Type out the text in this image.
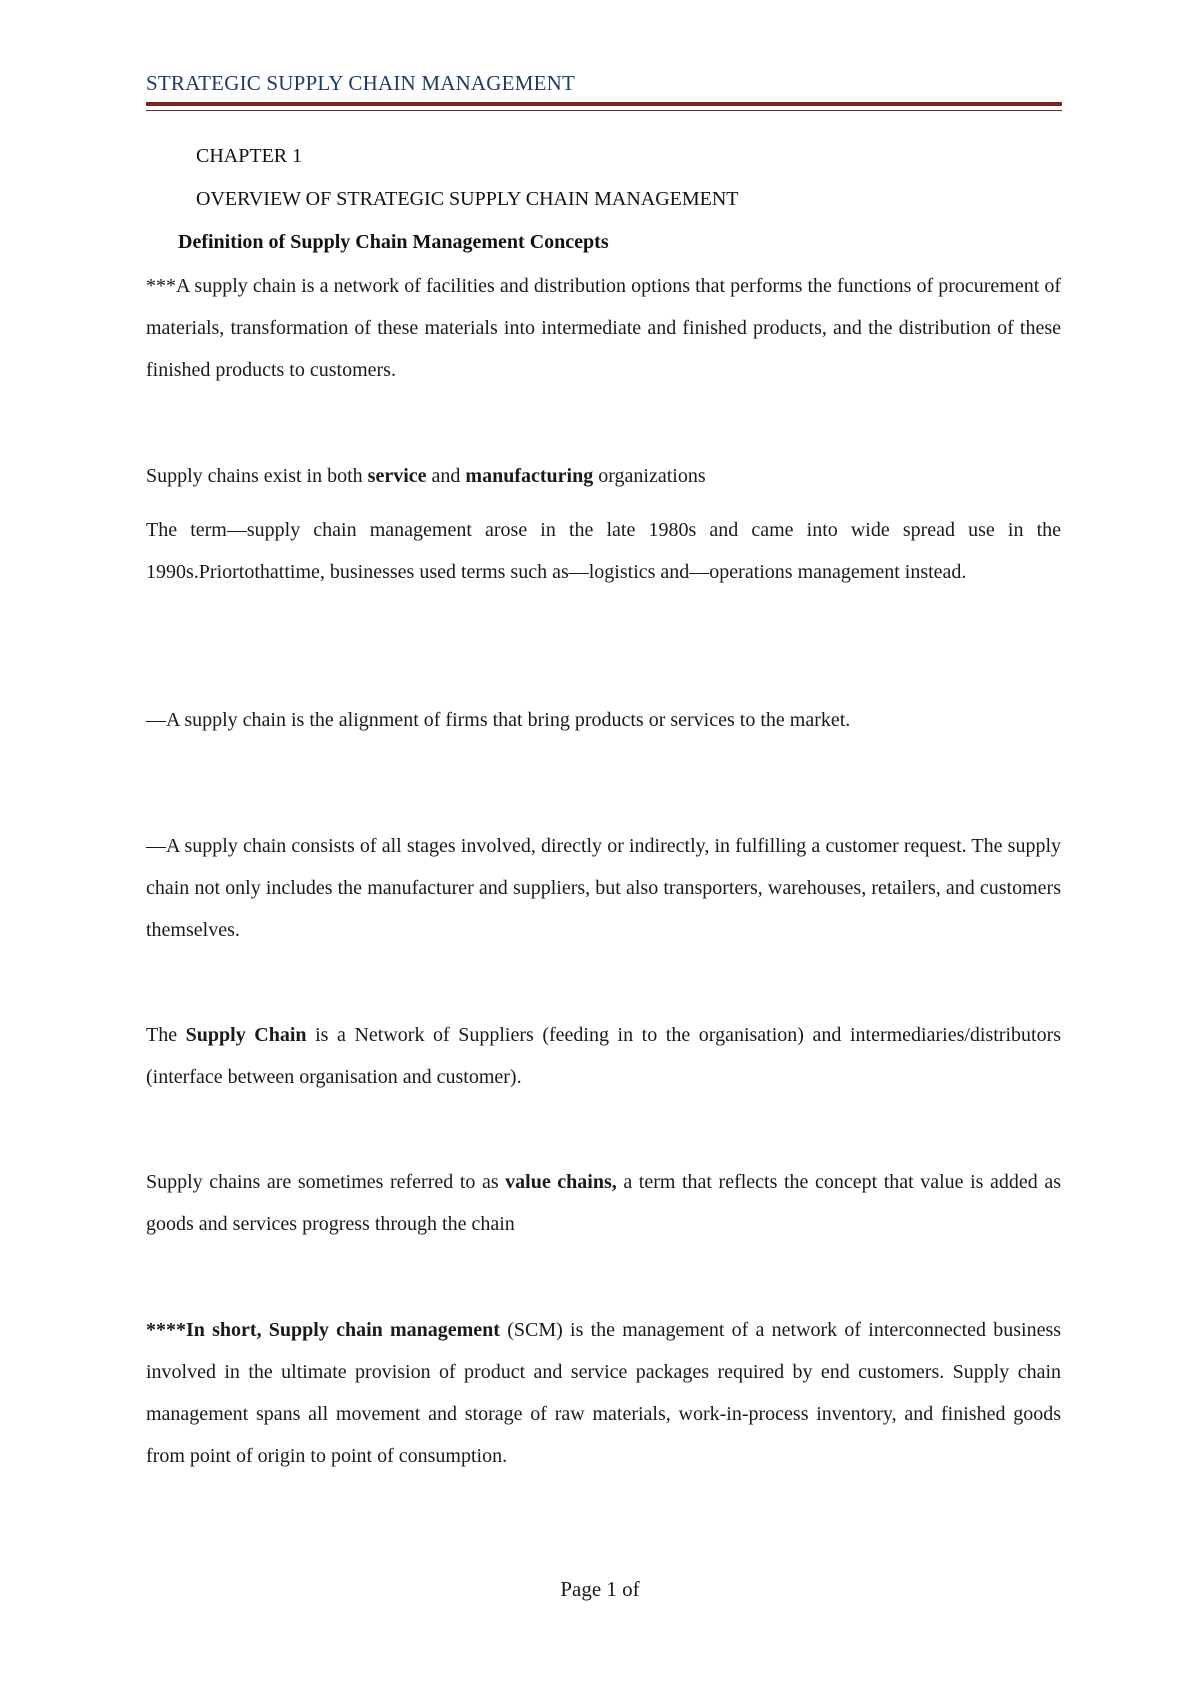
STRATEGIC SUPPLY CHAIN MANAGEMENT
CHAPTER 1
OVERVIEW OF STRATEGIC SUPPLY CHAIN MANAGEMENT
Definition of Supply Chain Management Concepts

***A supply chain is a network of facilities and distribution options that performs the functions of procurement of materials, transformation of these materials into intermediate and finished products, and the distribution of these finished products to customers.

Supply chains exist in both service and manufacturing organizations

The term—supply chain management arose in the late 1980s and came into wide spread use in the 1990s.Priortothattime, businesses used terms such as—logistics and—operations management instead.

—A supply chain is the alignment of firms that bring products or services to the market.

—A supply chain consists of all stages involved, directly or indirectly, in fulfilling a customer request. The supply chain not only includes the manufacturer and suppliers, but also transporters, warehouses, retailers, and customers themselves.

The Supply Chain is a Network of Suppliers (feeding in to the organisation) and intermediaries/distributors (interface between organisation and customer).

Supply chains are sometimes referred to as value chains, a term that reflects the concept that value is added as goods and services progress through the chain

****In short, Supply chain management (SCM) is the management of a network of interconnected business involved in the ultimate provision of product and service packages required by end customers. Supply chain management spans all movement and storage of raw materials, work-in-process inventory, and finished goods from point of origin to point of consumption.

Page 1 of
